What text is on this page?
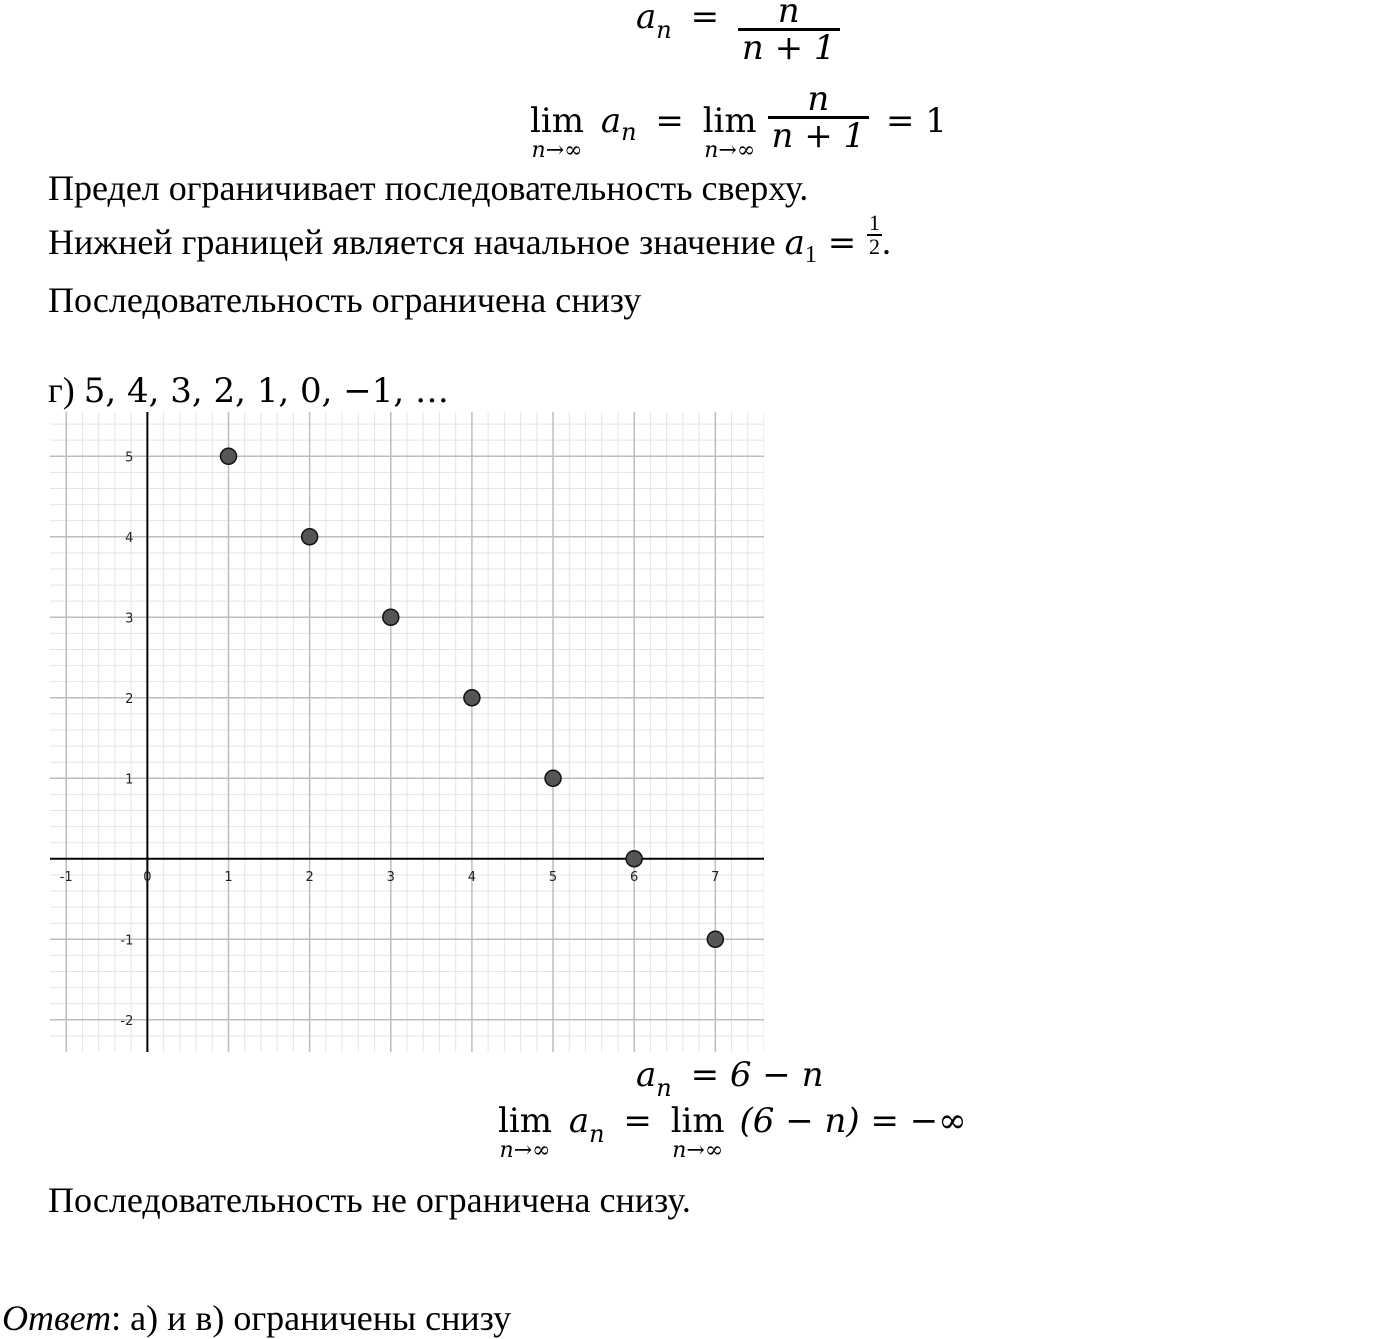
$a_n = \frac{n}{n + 1}$
lim
n→∞
$a_n = \lim$
n→∞
$\frac{n}{n + 1} = 1$
Предел ограничивает последовательность сверху.
Нижней границей является начальное значение $a_1 = \frac{1}{2}$ .
Последовательность ограничена снизу
г) 5, 4, 3, 2, 1, 0, −1, …
-1	0	1	2	3	4	5	6	7
-2
-1
1
2
3
4
5
$a_n = 6 - n$
lim
n→∞
$a_n = \lim$
n→∞
(6 − n) = −∞
Последовательность не ограничена снизу.
Ответ: а) и в) ограничены снизу
